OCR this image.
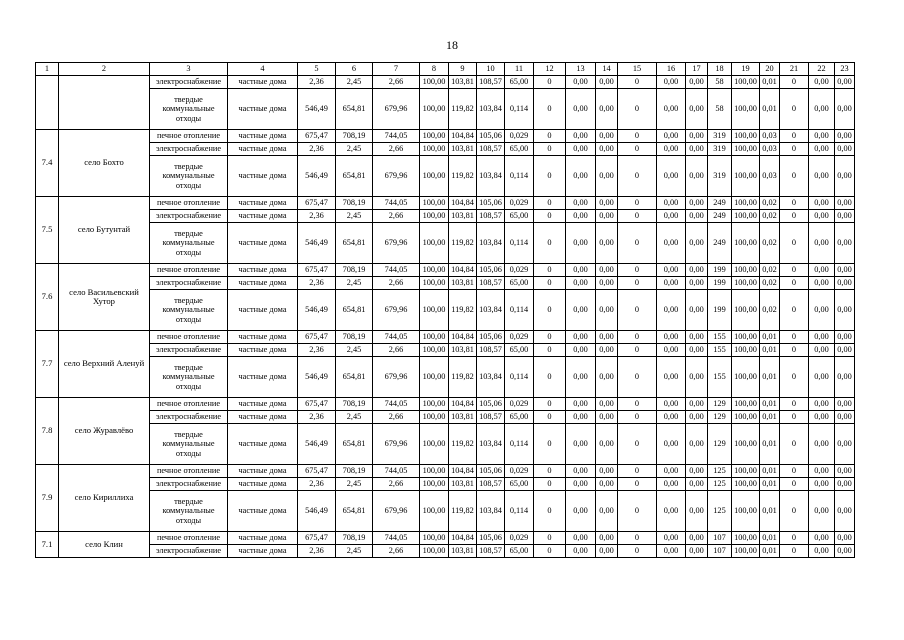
18
1	2	3	4	5	6	7	8	9	10	11	12	13	14	15	16	17	18	19	20	21	22	23
		электроснабжение	частные дома	2,36	2,45	2,66	100,00	103,81	108,57	65,00	0	0,00	0,00	0	0,00	0,00	58	100,00	0,01	0	0,00	0,00
		твердые коммунальные отходы	частные дома	546,49	654,81	679,96	100,00	119,82	103,84	0,114	0	0,00	0,00	0	0,00	0,00	58	100,00	0,01	0	0,00	0,00
7.4	село Бохто	печное отопление	частные дома	675,47	708,19	744,05	100,00	104,84	105,06	0,029	0	0,00	0,00	0	0,00	0,00	319	100,00	0,03	0	0,00	0,00
		электроснабжение	частные дома	2,36	2,45	2,66	100,00	103,81	108,57	65,00	0	0,00	0,00	0	0,00	0,00	319	100,00	0,03	0	0,00	0,00
		твердые коммунальные отходы	частные дома	546,49	654,81	679,96	100,00	119,82	103,84	0,114	0	0,00	0,00	0	0,00	0,00	319	100,00	0,03	0	0,00	0,00
7.5	село Бутунтай	печное отопление	частные дома	675,47	708,19	744,05	100,00	104,84	105,06	0,029	0	0,00	0,00	0	0,00	0,00	249	100,00	0,02	0	0,00	0,00
		электроснабжение	частные дома	2,36	2,45	2,66	100,00	103,81	108,57	65,00	0	0,00	0,00	0	0,00	0,00	249	100,00	0,02	0	0,00	0,00
		твердые коммунальные отходы	частные дома	546,49	654,81	679,96	100,00	119,82	103,84	0,114	0	0,00	0,00	0	0,00	0,00	249	100,00	0,02	0	0,00	0,00
7.6	село Васильевский Хутор	печное отопление	частные дома	675,47	708,19	744,05	100,00	104,84	105,06	0,029	0	0,00	0,00	0	0,00	0,00	199	100,00	0,02	0	0,00	0,00
		электроснабжение	частные дома	2,36	2,45	2,66	100,00	103,81	108,57	65,00	0	0,00	0,00	0	0,00	0,00	199	100,00	0,02	0	0,00	0,00
		твердые коммунальные отходы	частные дома	546,49	654,81	679,96	100,00	119,82	103,84	0,114	0	0,00	0,00	0	0,00	0,00	199	100,00	0,02	0	0,00	0,00
7.7	село Верхний Аленуй	печное отопление	частные дома	675,47	708,19	744,05	100,00	104,84	105,06	0,029	0	0,00	0,00	0	0,00	0,00	155	100,00	0,01	0	0,00	0,00
		электроснабжение	частные дома	2,36	2,45	2,66	100,00	103,81	108,57	65,00	0	0,00	0,00	0	0,00	0,00	155	100,00	0,01	0	0,00	0,00
		твердые коммунальные отходы	частные дома	546,49	654,81	679,96	100,00	119,82	103,84	0,114	0	0,00	0,00	0	0,00	0,00	155	100,00	0,01	0	0,00	0,00
7.8	село Журавлёво	печное отопление	частные дома	675,47	708,19	744,05	100,00	104,84	105,06	0,029	0	0,00	0,00	0	0,00	0,00	129	100,00	0,01	0	0,00	0,00
		электроснабжение	частные дома	2,36	2,45	2,66	100,00	103,81	108,57	65,00	0	0,00	0,00	0	0,00	0,00	129	100,00	0,01	0	0,00	0,00
		твердые коммунальные отходы	частные дома	546,49	654,81	679,96	100,00	119,82	103,84	0,114	0	0,00	0,00	0	0,00	0,00	129	100,00	0,01	0	0,00	0,00
7.9	село Кириллиха	печное отопление	частные дома	675,47	708,19	744,05	100,00	104,84	105,06	0,029	0	0,00	0,00	0	0,00	0,00	125	100,00	0,01	0	0,00	0,00
		электроснабжение	частные дома	2,36	2,45	2,66	100,00	103,81	108,57	65,00	0	0,00	0,00	0	0,00	0,00	125	100,00	0,01	0	0,00	0,00
		твердые коммунальные отходы	частные дома	546,49	654,81	679,96	100,00	119,82	103,84	0,114	0	0,00	0,00	0	0,00	0,00	125	100,00	0,01	0	0,00	0,00
7.1	село Клин	печное отопление	частные дома	675,47	708,19	744,05	100,00	104,84	105,06	0,029	0	0,00	0,00	0	0,00	0,00	107	100,00	0,01	0	0,00	0,00
		электроснабжение	частные дома	2,36	2,45	2,66	100,00	103,81	108,57	65,00	0	0,00	0,00	0	0,00	0,00	107	100,00	0,01	0	0,00	0,00
